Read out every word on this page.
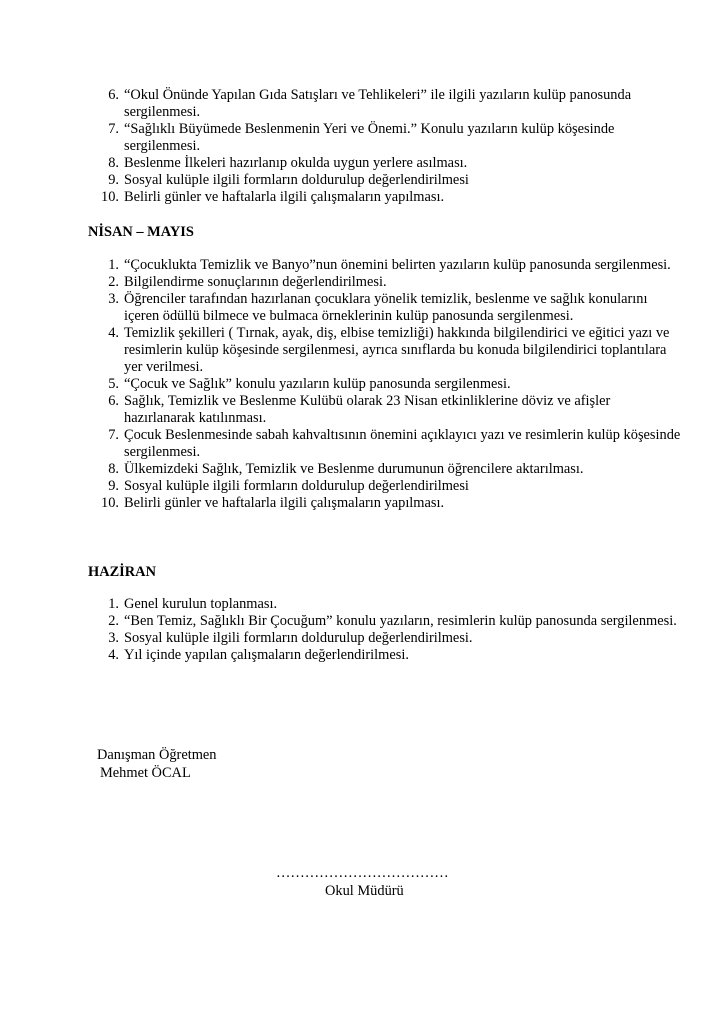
6. “Okul Önünde Yapılan Gıda Satışları ve Tehlikeleri” ile ilgili yazıların kulüp panosunda sergilenmesi.
7. “Sağlıklı Büyümede Beslenmenin Yeri ve Önemi.” Konulu yazıların kulüp köşesinde sergilenmesi.
8. Beslenme İlkeleri hazırlanıp okulda uygun yerlere asılması.
9. Sosyal kulüple ilgili formların doldurulup değerlendirilmesi
10. Belirli günler ve haftalarla ilgili çalışmaların yapılması.
NİSAN – MAYIS
1. “Çocuklukta Temizlik ve Banyo”nun önemini belirten yazıların kulüp panosunda sergilenmesi.
2. Bilgilendirme sonuçlarının değerlendirilmesi.
3. Öğrenciler tarafından hazırlanan çocuklara yönelik temizlik, beslenme ve sağlık konularını içeren ödüllü bilmece ve bulmaca örneklerinin kulüp panosunda sergilenmesi.
4. Temizlik şekilleri ( Tırnak, ayak, diş, elbise temizliği) hakkında bilgilendirici ve eğitici yazı ve resimlerin kulüp köşesinde sergilenmesi, ayrıca sınıflarda bu konuda bilgilendirici toplantılara yer verilmesi.
5. “Çocuk ve Sağlık” konulu yazıların kulüp panosunda sergilenmesi.
6. Sağlık, Temizlik ve Beslenme Kulübü olarak 23 Nisan etkinliklerine döviz ve afişler hazırlanarak katılınması.
7. Çocuk Beslenmesinde sabah kahvaltısının önemini açıklayıcı yazı ve resimlerin kulüp köşesinde sergilenmesi.
8. Ülkemizdeki Sağlık, Temizlik ve Beslenme durumunun öğrencilere aktarılması.
9. Sosyal kulüple ilgili formların doldurulup değerlendirilmesi
10. Belirli günler ve haftalarla ilgili çalışmaların yapılması.
HAZİRAN
1. Genel kurulun toplanması.
2. “Ben Temiz, Sağlıklı Bir Çocuğum” konulu yazıların, resimlerin kulüp panosunda sergilenmesi.
3. Sosyal kulüple ilgili formların doldurulup değerlendirilmesi.
4. Yıl içinde yapılan çalışmaların değerlendirilmesi.
Danışman Öğretmen
Mehmet ÖCAL
………………………………
Okul Müdürü
